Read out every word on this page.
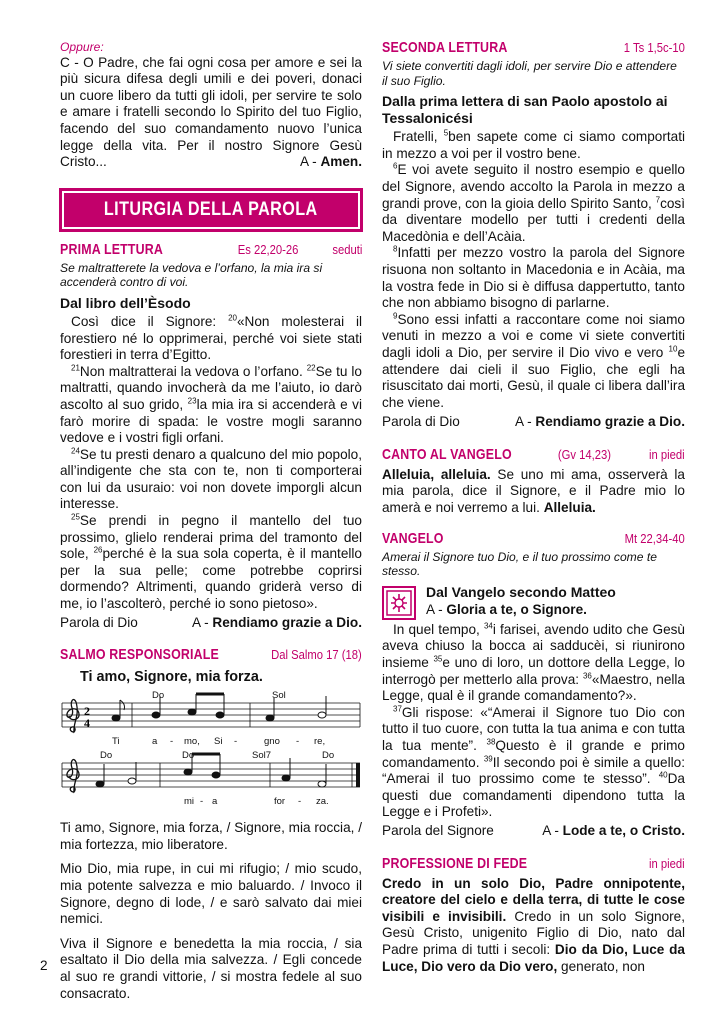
Oppure:

C - O Padre, che fai ogni cosa per amore e sei la più sicura difesa degli umili e dei poveri, donaci un cuore libero da tutti gli idoli, per servire te solo e amare i fratelli secondo lo Spirito del tuo Figlio, facendo del suo comandamento nuovo l’unica legge della vita. Per il nostro Signore Gesù Cristo...	A - Amen.

LITURGIA DELLA PAROLA
PRIMA LETTURA	Es 22,20-26	seduti

Se maltratterete la vedova e l’orfano, la mia ira si accenderà contro di voi.

Dal libro dell’Èsodo

Così dice il Signore: $^{20}$«Non molesterai il forestiero né lo opprimerai, perché voi siete stati forestieri in terra d’Egitto.

$^{21}$Non maltratterai la vedova o l’orfano. $^{22}$Se tu lo maltratti, quando invocherà da me l’aiuto, io darò ascolto al suo grido, $^{23}$la mia ira si accenderà e vi farò morire di spada: le vostre mogli saranno vedove e i vostri figli orfani.

$^{24}$Se tu presti denaro a qualcuno del mio popolo, all’indigente che sta con te, non ti comporterai con lui da usuraio: voi non dovete imporgli alcun interesse.

$^{25}$Se prendi in pegno il mantello del tuo prossimo, glielo renderai prima del tramonto del sole, $^{26}$perché è la sua sola coperta, è il mantello per la sua pelle; come potrebbe coprirsi dormendo? Altrimenti, quando griderà verso di me, io l’ascolterò, perché io sono pietoso».

Parola di Dio	A - Rendiamo grazie a Dio.
SALMO RESPONSORIALE	Dal Salmo 17 (18)

Ti amo, Signore, mia forza.

2
4
Do	Sol
Do	Do	Sol7	Do
Ti	a - mo, Si -	gno - re,
mi - a	for - za.

Ti amo, Signore, mia forza, / Signore, mia roccia, / mia fortezza, mio liberatore.

Mio Dio, mia rupe, in cui mi rifugio; / mio scudo, mia potente salvezza e mio baluardo. / Invoco il Signore, degno di lode, / e sarò salvato dai miei nemici.

Viva il Signore e benedetta la mia roccia, / sia esaltato il Dio della mia salvezza. / Egli concede al suo re grandi vittorie, / si mostra fedele al suo consacrato.

2
SECONDA LETTURA	1 Ts 1,5c-10

Vi siete convertiti dagli idoli, per servire Dio e attendere il suo Figlio.

Dalla prima lettera di san Paolo apostolo ai Tessalonicési

Fratelli, $^5$ben sapete come ci siamo comportati in mezzo a voi per il vostro bene.

$^6$E voi avete seguito il nostro esempio e quello del Signore, avendo accolto la Parola in mezzo a grandi prove, con la gioia dello Spirito Santo, $^7$così da diventare modello per tutti i credenti della Macedònia e dell’Acàia.

$^8$Infatti per mezzo vostro la parola del Signore risuona non soltanto in Macedonia e in Acàia, ma la vostra fede in Dio si è diffusa dappertutto, tanto che non abbiamo bisogno di parlarne.

$^9$Sono essi infatti a raccontare come noi siamo venuti in mezzo a voi e come vi siete convertiti dagli idoli a Dio, per servire il Dio vivo e vero $^{10}$e attendere dai cieli il suo Figlio, che egli ha risuscitato dai morti, Gesù, il quale ci libera dall’ira che viene.

Parola di Dio	A - Rendiamo grazie a Dio.
CANTO AL VANGELO	(Gv 14,23)	in piedi

Alleluia, alleluia. Se uno mi ama, osserverà la mia parola, dice il Signore, e il Padre mio lo amerà e noi verremo a lui. Alleluia.

VANGELO	Mt 22,34-40

Amerai il Signore tuo Dio, e il tuo prossimo come te stesso.

Dal Vangelo secondo Matteo

A - Gloria a te, o Signore.

In quel tempo, $^{34}$i farisei, avendo udito che Gesù aveva chiuso la bocca ai sadducèi, si riunirono insieme $^{35}$e uno di loro, un dottore della Legge, lo interrogò per metterlo alla prova: $^{36}$«Maestro, nella Legge, qual è il grande comandamento?».

$^{37}$Gli rispose: «“Amerai il Signore tuo Dio con tutto il tuo cuore, con tutta la tua anima e con tutta la tua mente”. $^{38}$Questo è il grande e primo comandamento. $^{39}$Il secondo poi è simile a quello: “Amerai il tuo prossimo come te stesso”. $^{40}$Da questi due comandamenti dipendono tutta la Legge e i Profeti».

Parola del Signore	A - Lode a te, o Cristo.
PROFESSIONE DI FEDE	in piedi

Credo in un solo Dio, Padre onnipotente, creatore del cielo e della terra, di tutte le cose visibili e invisibili. Credo in un solo Signore, Gesù Cristo, unigenito Figlio di Dio, nato dal Padre prima di tutti i secoli: Dio da Dio, Luce da Luce, Dio vero da Dio vero, generato, non
